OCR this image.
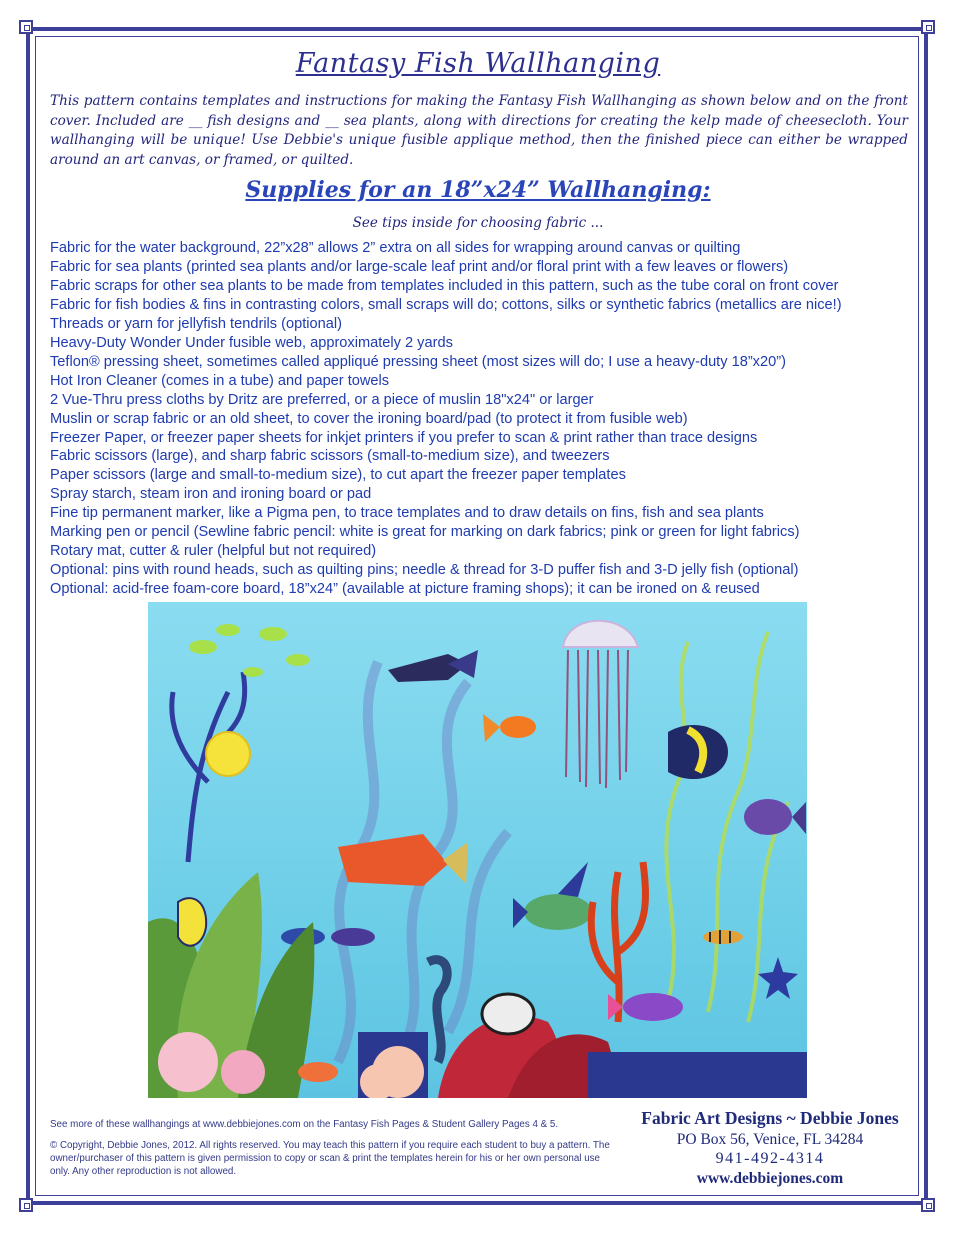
Fantasy Fish Wallhanging
This pattern contains templates and instructions for making the Fantasy Fish Wallhanging as shown below and on the front cover. Included are __ fish designs and __ sea plants, along with directions for creating the kelp made of cheesecloth. Your wallhanging will be unique! Use Debbie's unique fusible applique method, then the finished piece can either be wrapped around an art canvas, or framed, or quilted.
Supplies for an 18”x24” Wallhanging:
See tips inside for choosing fabric ...
Fabric for the water background, 22”x28” allows 2” extra on all sides for wrapping around canvas or quilting
Fabric for sea plants (printed sea plants and/or large-scale leaf print and/or floral print with a few leaves or flowers)
Fabric scraps for other sea plants to be made from templates included in this pattern, such as the tube coral on front cover
Fabric for fish bodies & fins in contrasting colors, small scraps will do; cottons, silks or synthetic fabrics (metallics are nice!)
Threads or yarn for jellyfish tendrils (optional)
Heavy-Duty Wonder Under fusible web, approximately 2 yards
Teflon® pressing sheet, sometimes called appliqué pressing sheet (most sizes will do; I use a heavy-duty 18”x20”)
Hot Iron Cleaner (comes in a tube) and paper towels
2 Vue-Thru press cloths by Dritz are preferred, or a piece of muslin 18"x24" or larger
Muslin or scrap fabric or an old sheet, to cover the ironing board/pad (to protect it from fusible web)
Freezer Paper, or freezer paper sheets for inkjet printers if you prefer to scan & print rather than trace designs
Fabric scissors (large), and sharp fabric scissors (small-to-medium size), and tweezers
Paper scissors (large and small-to-medium size), to cut apart the freezer paper templates
Spray starch, steam iron and ironing board or pad
Fine tip permanent marker, like a Pigma pen, to trace templates and to draw details on fins, fish and sea plants
Marking pen or pencil (Sewline fabric pencil: white is great for marking on dark fabrics; pink or green for light fabrics)
Rotary mat, cutter & ruler (helpful but not required)
Optional: pins with round heads, such as quilting pins; needle & thread for 3-D puffer fish and 3-D jelly fish (optional)
Optional: acid-free foam-core board, 18”x24” (available at picture framing shops); it can be ironed on & reused

See more of these wallhangings at www.debbiejones.com on the Fantasy Fish Pages & Student Gallery Pages 4 & 5.

© Copyright, Debbie Jones, 2012. All rights reserved. You may teach this pattern if you require each student to buy a pattern. The owner/purchaser of this pattern is given permission to copy or scan & print the templates herein for his or her own personal use only. Any other reproduction is not allowed.

Fabric Art Designs ~ Debbie Jones
PO Box 56, Venice, FL 34284
941-492-4314
www.debbiejones.com
